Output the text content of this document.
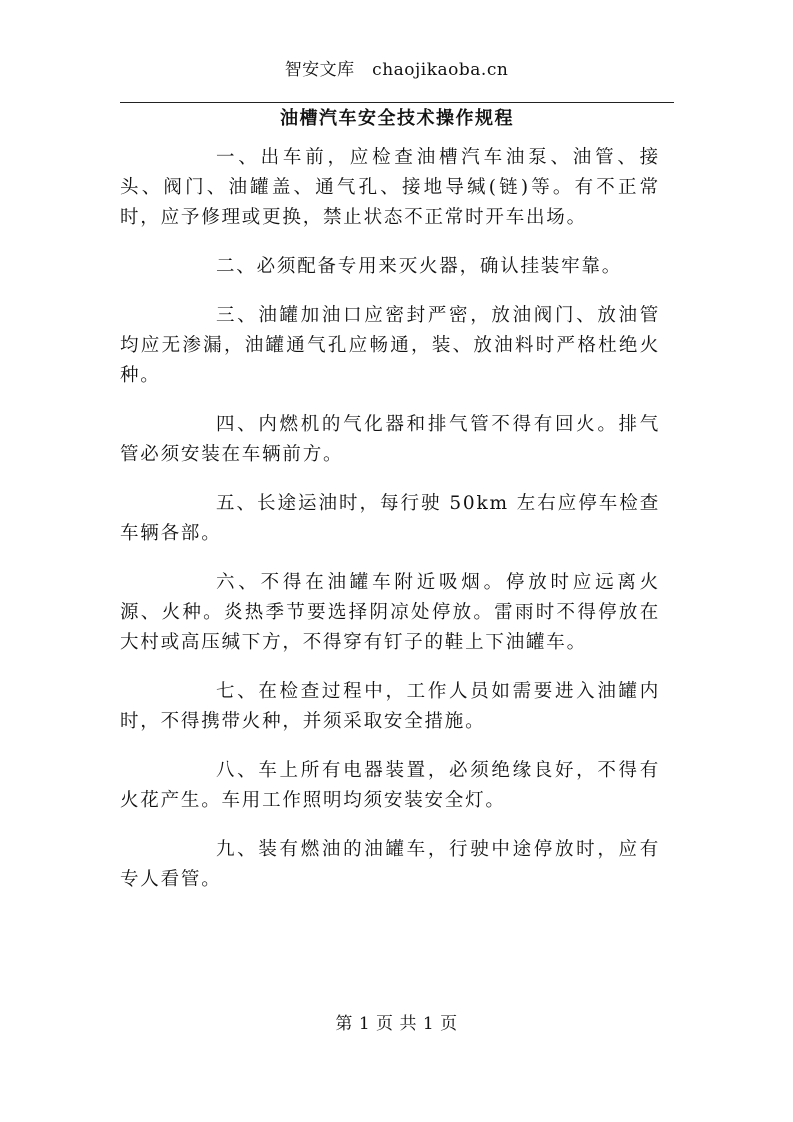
智安文库　chaojikaoba.cn
油槽汽车安全技术操作规程

一、出车前，应检查油槽汽车油泵、油管、接头、阀门、油罐盖、通气孔、接地导缄(链)等。有不正常时，应予修理或更换，禁止状态不正常时开车出场。

二、必须配备专用来灭火器，确认挂装牢靠。

三、油罐加油口应密封严密，放油阀门、放油管均应无渗漏，油罐通气孔应畅通，装、放油料时严格杜绝火种。

四、内燃机的气化器和排气管不得有回火。排气管必须安装在车辆前方。

五、长途运油时，每行驶 50km 左右应停车检查车辆各部。

六、不得在油罐车附近吸烟。停放时应远离火源、火种。炎热季节要选择阴凉处停放。雷雨时不得停放在大村或高压缄下方，不得穿有钉子的鞋上下油罐车。

七、在检查过程中，工作人员如需要进入油罐内时，不得携带火种，并须采取安全措施。

八、车上所有电器装置，必须绝缘良好，不得有火花产生。车用工作照明均须安装安全灯。

九、装有燃油的油罐车，行驶中途停放时，应有专人看管。

第 1 页 共 1 页
